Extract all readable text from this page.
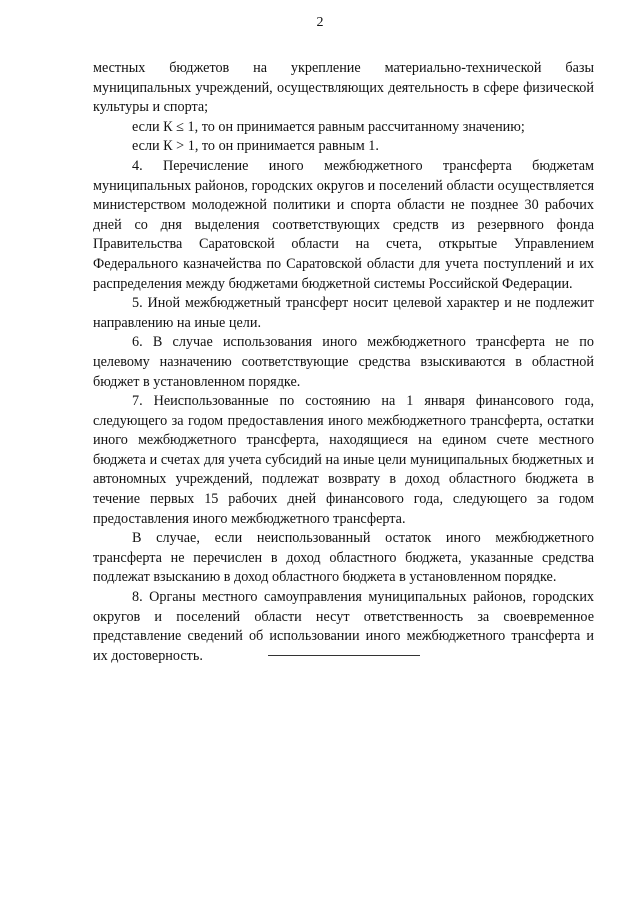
2

местных бюджетов на укрепление материально-технической базы муниципальных учреждений, осуществляющих деятельность в сфере физической культуры и спорта;

если К ≤ 1, то он принимается равным рассчитанному значению;

если К > 1, то он принимается равным 1.

4. Перечисление иного межбюджетного трансферта бюджетам муниципальных районов, городских округов и поселений области осуществляется министерством молодежной политики и спорта области не позднее 30 рабочих дней со дня выделения соответствующих средств из резервного фонда Правительства Саратовской области на счета, открытые Управлением Федерального казначейства по Саратовской области для учета поступлений и их распределения между бюджетами бюджетной системы Российской Федерации.

5. Иной межбюджетный трансферт носит целевой характер и не подлежит направлению на иные цели.

6. В случае использования иного межбюджетного трансферта не по целевому назначению соответствующие средства взыскиваются в областной бюджет в установленном порядке.

7. Неиспользованные по состоянию на 1 января финансового года, следующего за годом предоставления иного межбюджетного трансферта, остатки иного межбюджетного трансферта, находящиеся на едином счете местного бюджета и счетах для учета субсидий на иные цели муниципальных бюджетных и автономных учреждений, подлежат возврату в доход областного бюджета в течение первых 15 рабочих дней финансового года, следующего за годом предоставления иного межбюджетного трансферта.

В случае, если неиспользованный остаток иного межбюджетного трансферта не перечислен в доход областного бюджета, указанные средства подлежат взысканию в доход областного бюджета в установленном порядке.

8. Органы местного самоуправления муниципальных районов, городских округов и поселений области несут ответственность за своевременное представление сведений об использовании иного межбюджетного трансферта и их достоверность.
